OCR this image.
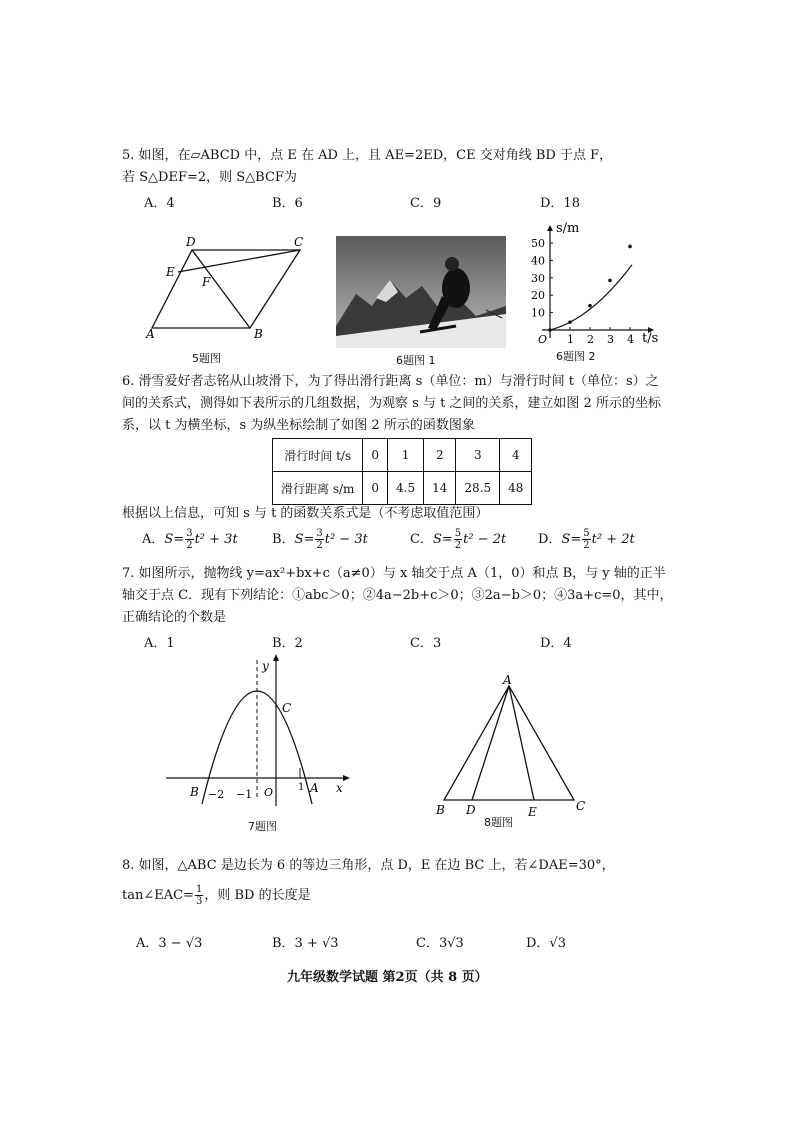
5. 如图，在▱ABCD 中，点 E 在 AD 上，且 AE=2ED，CE 交对角线 BD 于点 F，
若 S△DEF=2，则 S△BCF为
A．4	B．6	C．9	D．18
A	B
C
D
E
F
5题图	6题图 1
s/m
t/s
O 1 2 3 4
10
20
30
40
50
6题图 2
6. 滑雪爱好者志铭从山坡滑下，为了得出滑行距离 s（单位：m）与滑行时间 t（单位：s）之
间的关系式，测得如下表所示的几组数据，为观察 s 与 t 之间的关系，建立如图 2 所示的坐标
系，以 t 为横坐标，s 为纵坐标绘制了如图 2 所示的函数图象
滑行时间 t/s	0	1	2	3	4
滑行距离 s/m	0	4.5	14	28.5	48
根据以上信息，可知 s 与 t 的函数关系式是（不考虑取值范围）
A．$S= \frac{3}{2} t^2 + 3t$	B．$S= \frac{3}{2} t^2 - 3t$	C．$S= \frac{5}{2} t^2 - 2t$ D．$S= \frac{5}{2} t^2 + 2t$
7. 如图所示，抛物线 y=ax²+bx+c（a≠0）与 x 轴交于点 A（1，0）和点 B，与 y 轴的正半
轴交于点 C．现有下列结论：①abc＞0；②4a−2b+c＞0；③2a−b＞0；④3a+c=0，其中，
正确结论的个数是
A．1	B．2	C．3	D．4
y
x
C
B	A
O
−2 −1
1
7题图
A
B	C
D	E
8题图
8. 如图，△ABC 是边长为 6 的等边三角形，点 D，E 在边 BC 上，若∠DAE=30°，
tan∠EAC= $\frac{1}{3}$ ，则 BD 的长度是
A．3 − √3	B．3 + √3	C．3√3	D．√3
九年级数学试题 第2页（共 8 页）
